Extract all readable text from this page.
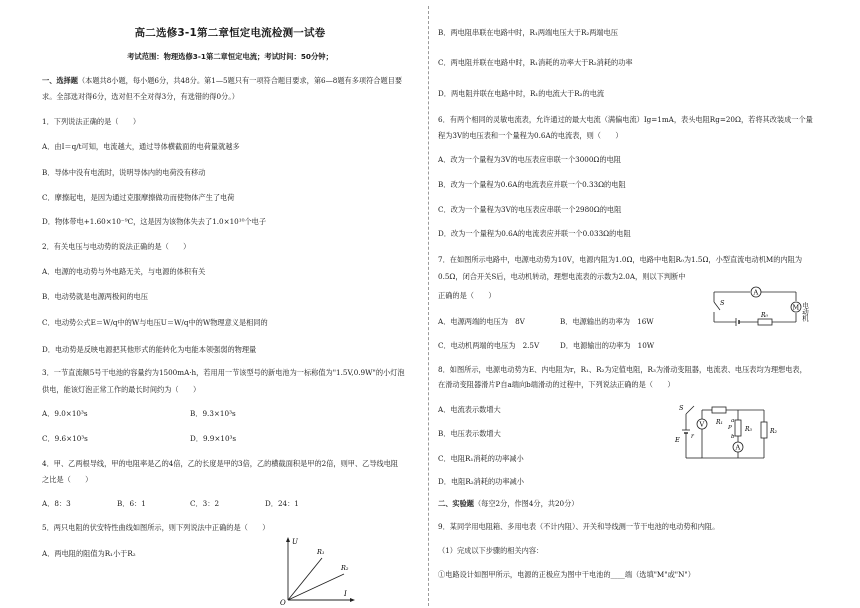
高二选修3-1第二章恒定电流检测一试卷
考试范围：物理选修3-1第二章恒定电流；考试时间：50分钟；
一、选择题（本题共8小题，每小题6分，共48分。第1—5题只有一项符合题目要求，第6—8题有多项符合题目要
求。全部选对得6分，选对但不全对得3分，有选错的得0分。）
1．下列说法正确的是（　　）
A．由I＝q/t可知，电流越大，通过导体横截面的电荷量就越多
B．导体中没有电流时，说明导体内的电荷没有移动
C．摩擦起电，是因为通过克服摩擦做功而使物体产生了电荷
D．物体带电+1.60×10⁻⁹C，这是因为该物体失去了1.0×10¹⁰个电子
2．有关电压与电动势的说法正确的是（　　）
A．电源的电动势与外电路无关，与电源的体积有关
B．电动势就是电源两极间的电压
C．电动势公式E＝W/q中的W与电压U＝W/q中的W物理意义是相同的
D．电动势是反映电源把其他形式的能转化为电能本领强弱的物理量
3．一节直流额5号干电池的容量约为1500mA·h，若用用一节该型号的新电池为一标称值为"1.5V,0.9W"的小灯泡
供电，能该灯泡正常工作的最长时间约为（　　）
A．9.0×10³s	B．9.3×10³s
C．9.6×10³s	D．9.9×10³s
4．甲、乙两根导线，甲的电阻率是乙的4倍，乙的长度是甲的3倍，乙的横截面积是甲的2倍，则甲、乙导线电阻
之比是（　　）
A．8：3	B．6：1	C．3：2	D．24：1
5．两只电阻的伏安特性曲线如图所示，则下列说法中正确的是（　　）
A．两电阻的阻值为R₁小于R₂
U
I
O
R₁
R₂
B．两电阻串联在电路中时，R₁两端电压大于R₂两端电压
C．两电阻并联在电路中时，R₁消耗的功率大于R₂消耗的功率
D．两电阻并联在电路中时，R₁的电流大于R₂的电流
6．有两个相同的灵敏电流表，允许通过的最大电流（满偏电流）Ig=1mA，表头电阻Rg=20Ω，若将其改装成一个量
程为3V的电压表和一个量程为0.6A的电流表，则（　　）
A．改为一个量程为3V的电压表应串联一个3000Ω的电阻
B．改为一个量程为0.6A的电流表应并联一个0.33Ω的电阻
C．改为一个量程为3V的电压表应串联一个2980Ω的电阻
D．改为一个量程为0.6A的电流表应并联一个0.033Ω的电阻
7．在如图所示电路中，电源电动势为10V，电源内阻为1.0Ω，电路中电阻R₀为1.5Ω，小型直流电动机M的内阻为
0.5Ω，闭合开关S后，电动机转动，理想电流表的示数为2.0A，则以下判断中
正确的是（　　）
A．电源两端的电压为　8V	B．电源输出的功率为　16W
C．电动机两端的电压为　2.5V	D．电源输出的功率为　10W
A
M
S
R₀	电动机
8．如图所示，电源电动势为E、内电阻为r，R₁、R₂为定值电阻，R₃为滑动变阻器，电流表、电压表均为理想电表，
在滑动变阻器滑片P自a端向b端滑动的过程中，下列说法正确的是（　　）
A．电流表示数增大
B．电压表示数增大
C．电阻R₁消耗的功率减小
D．电阻R₂消耗的功率减小
R₁
V
R₃
a
b
P
A
R₂
E r
S
二、实验题（每空2分，作图4分，共20分）
9．某同学用电阻箱、多用电表（不计内阻）、开关和导线测一节干电池的电动势和内阻。
（1）完成以下步骤的相关内容：
①电路设计如图甲所示，电源的正极应为图中干电池的____端（选填"M"或"N"）
